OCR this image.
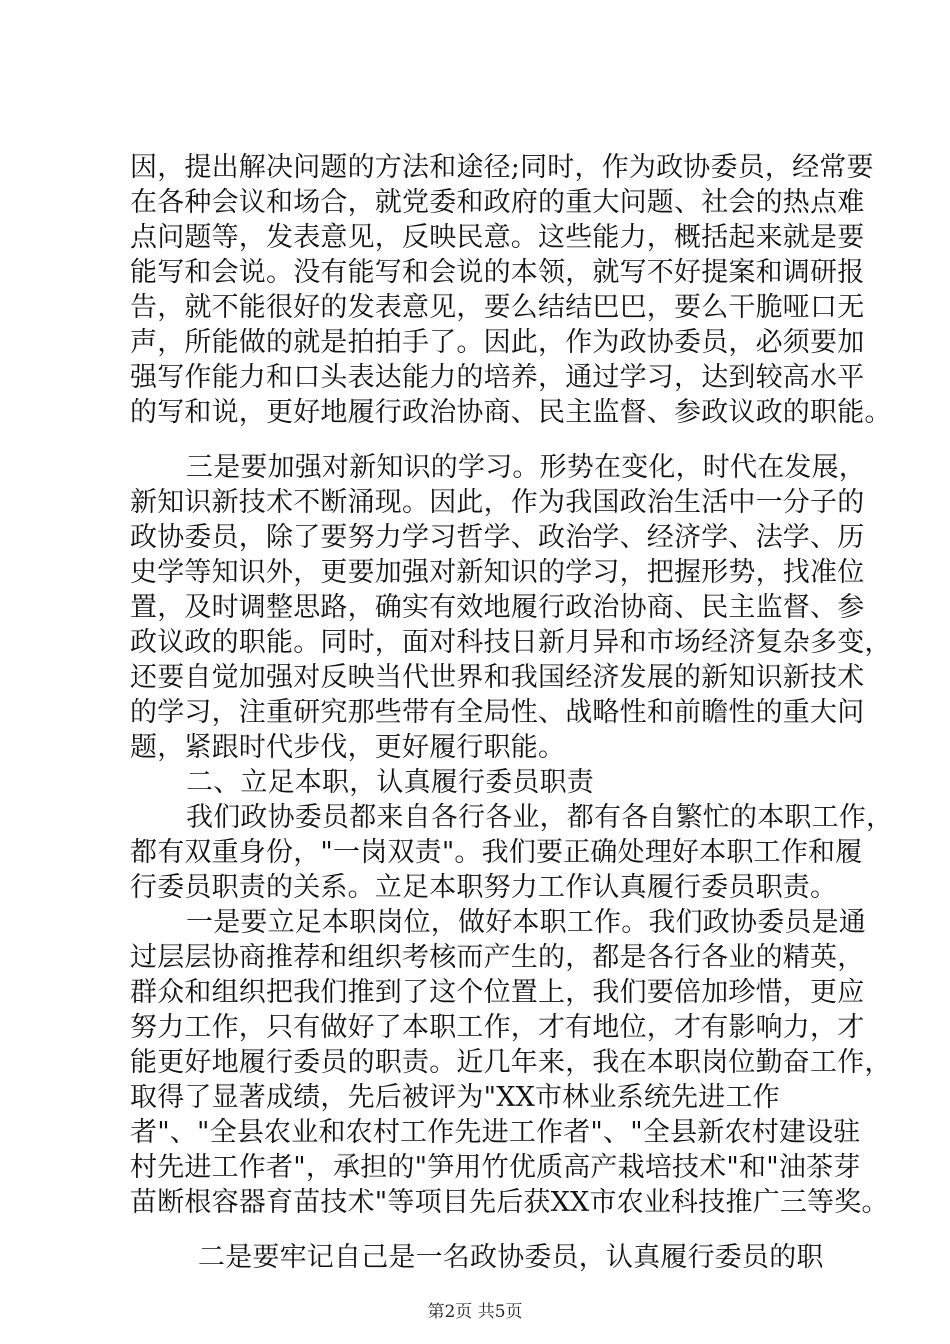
因，提出解决问题的方法和途径;同时，作为政协委员，经常要
在各种会议和场合，就党委和政府的重大问题、社会的热点难
点问题等，发表意见，反映民意。这些能力，概括起来就是要
能写和会说。没有能写和会说的本领，就写不好提案和调研报
告，就不能很好的发表意见，要么结结巴巴，要么干脆哑口无
声，所能做的就是拍拍手了。因此，作为政协委员，必须要加
强写作能力和口头表达能力的培养，通过学习，达到较高水平
的写和说，更好地履行政治协商、民主监督、参政议政的职能。
三是要加强对新知识的学习。形势在变化，时代在发展，
新知识新技术不断涌现。因此，作为我国政治生活中一分子的
政协委员，除了要努力学习哲学、政治学、经济学、法学、历
史学等知识外，更要加强对新知识的学习，把握形势，找准位
置，及时调整思路，确实有效地履行政治协商、民主监督、参
政议政的职能。同时，面对科技日新月异和市场经济复杂多变，
还要自觉加强对反映当代世界和我国经济发展的新知识新技术
的学习，注重研究那些带有全局性、战略性和前瞻性的重大问
题，紧跟时代步伐，更好履行职能。
二、立足本职，认真履行委员职责
我们政协委员都来自各行各业，都有各自繁忙的本职工作，
都有双重身份，"一岗双责"。我们要正确处理好本职工作和履
行委员职责的关系。立足本职努力工作认真履行委员职责。
一是要立足本职岗位，做好本职工作。我们政协委员是通
过层层协商推荐和组织考核而产生的，都是各行各业的精英，
群众和组织把我们推到了这个位置上，我们要倍加珍惜，更应
努力工作，只有做好了本职工作，才有地位，才有影响力，才
能更好地履行委员的职责。近几年来，我在本职岗位勤奋工作，
取得了显著成绩，先后被评为"XX市林业系统先进工作
者"、"全县农业和农村工作先进工作者"、"全县新农村建设驻
村先进工作者"，承担的"笋用竹优质高产栽培技术"和"油茶芽
苗断根容器育苗技术"等项目先后获XX市农业科技推广三等奖。
二是要牢记自己是一名政协委员，认真履行委员的职
第2页 共5页
